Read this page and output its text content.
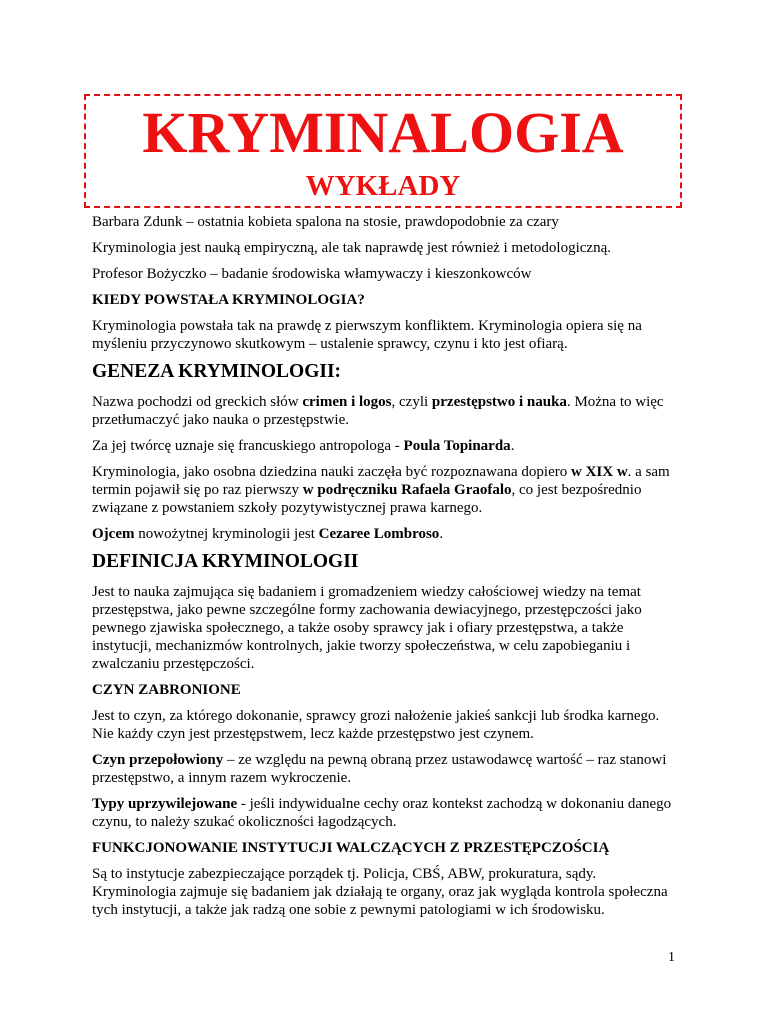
KRYMINALOGIA
WYKŁADY

Barbara Zdunk – ostatnia kobieta spalona na stosie, prawdopodobnie za czary

Kryminologia jest nauką empiryczną, ale tak naprawdę jest również i metodologiczną.

Profesor Bożyczko – badanie środowiska włamywaczy i kieszonkowców

KIEDY POWSTAŁA KRYMINOLOGIA?

Kryminologia powstała tak na prawdę z pierwszym konfliktem. Kryminologia opiera się na myśleniu przyczynowo skutkowym – ustalenie sprawcy, czynu i kto jest ofiarą.

GENEZA KRYMINOLOGII:

Nazwa pochodzi od greckich słów crimen i logos, czyli przestępstwo i nauka. Można to więc przetłumaczyć jako nauka o przestępstwie.

Za jej twórcę uznaje się francuskiego antropologa - Poula Topinarda.

Kryminologia, jako osobna dziedzina nauki zaczęła być rozpoznawana dopiero w XIX w. a sam termin pojawił się po raz pierwszy w podręczniku Rafaela Graofalo, co jest bezpośrednio związane z powstaniem szkoły pozytywistycznej prawa karnego.

Ojcem nowożytnej kryminologii jest Cezaree Lombroso.

DEFINICJA KRYMINOLOGII

Jest to nauka zajmująca się badaniem i gromadzeniem wiedzy całościowej wiedzy na temat przestępstwa, jako pewne szczególne formy zachowania dewiacyjnego, przestępczości jako pewnego zjawiska społecznego, a także osoby sprawcy jak i ofiary przestępstwa, a także instytucji, mechanizmów kontrolnych, jakie tworzy społeczeństwa, w celu zapobieganiu i zwalczaniu przestępczości.

CZYN ZABRONIONE

Jest to czyn, za którego dokonanie, sprawcy grozi nałożenie jakieś sankcji lub środka karnego. Nie każdy czyn jest przestępstwem, lecz każde przestępstwo jest czynem.

Czyn przepołowiony – ze względu na pewną obraną przez ustawodawcę wartość – raz stanowi przestępstwo, a innym razem wykroczenie.

Typy uprzywilejowane - jeśli indywidualne cechy oraz kontekst zachodzą w dokonaniu danego czynu, to należy szukać okoliczności łagodzących.

FUNKCJONOWANIE INSTYTUCJI WALCZĄCYCH Z PRZESTĘPCZOŚCIĄ

Są to instytucje zabezpieczające porządek tj. Policja, CBŚ, ABW, prokuratura, sądy. Kryminologia zajmuje się badaniem jak działają te organy, oraz jak wygląda kontrola społeczna tych instytucji, a także jak radzą one sobie z pewnymi patologiami w ich środowisku.

1
